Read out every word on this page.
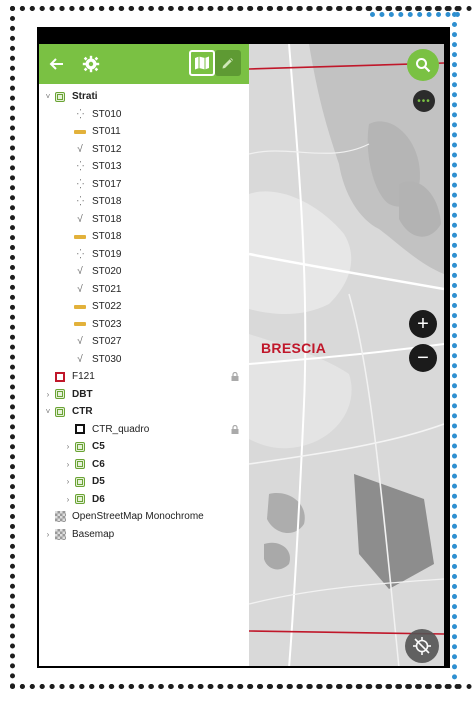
BRESCIA
•••
+
−
˅ Strati
⁛ ST010
ST011
√ ST012
⁛ ST013
⁛ ST017
⁛ ST018
√ ST018
ST018
⁛ ST019
√ ST020
√ ST021
ST022
ST023
√ ST027
√ ST030
F121
›	DBT
˅ CTR
CTR_quadro
›	C5
›	C6
›	D5
›	D6
OpenStreetMap Monochrome
›	Basemap
